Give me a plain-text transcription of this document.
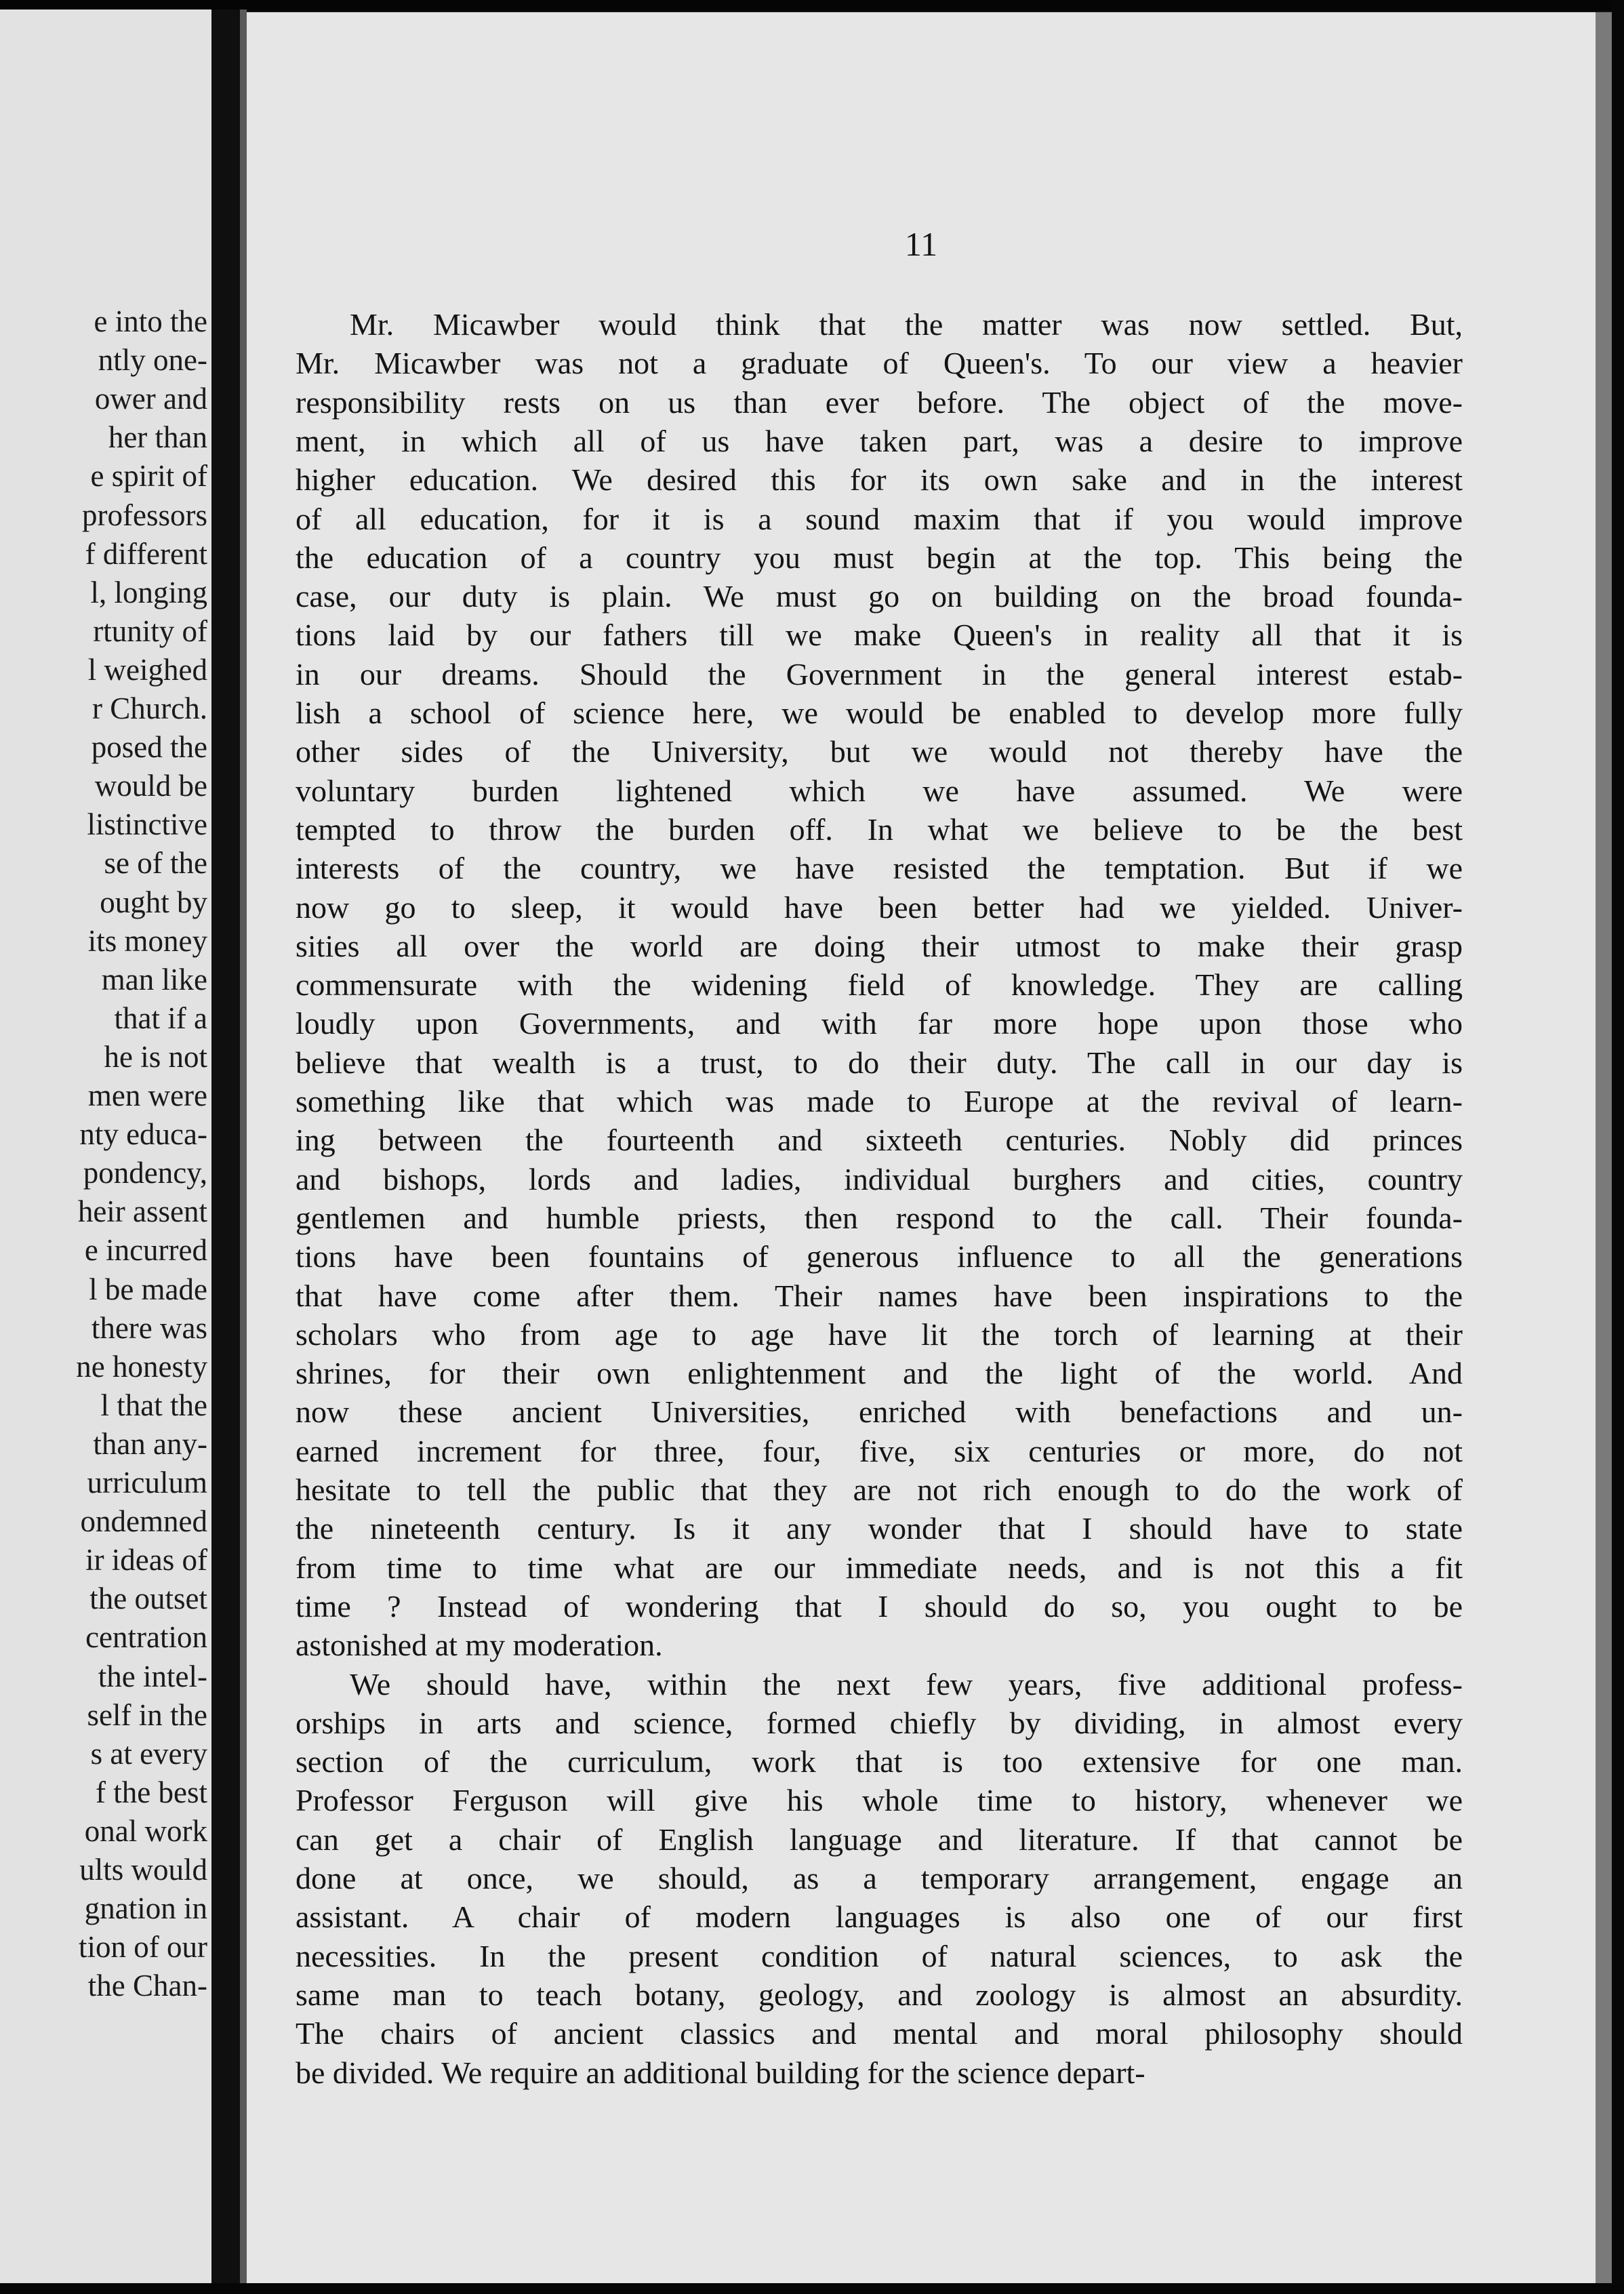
e into the

ntly one-

ower and

her than

e spirit of

professors

f different

l, longing

rtunity of

l weighed

r Church.

posed the

would be

listinctive

se of the

ought by

its money

man like

that if a

he is not

men were

nty educa-

pondency,

heir assent

e incurred

l be made

there was

ne honesty

l that the

than any-

urriculum

ondemned

ir ideas of

the outset

centration

the intel-

self in the

s at every

f the best

onal work

ults would

gnation in

tion of our

the Chan-

11

Mr. Micawber would think that the matter was now settled. But,

Mr. Micawber was not a graduate of Queen's. To our view a heavier

responsibility rests on us than ever before. The object of the move-

ment, in which all of us have taken part, was a desire to improve

higher education. We desired this for its own sake and in the interest

of all education, for it is a sound maxim that if you would improve

the education of a country you must begin at the top. This being the

case, our duty is plain. We must go on building on the broad founda-

tions laid by our fathers till we make Queen's in reality all that it is

in our dreams. Should the Government in the general interest estab-

lish a school of science here, we would be enabled to develop more fully

other sides of the University, but we would not thereby have the

voluntary burden lightened which we have assumed. We were

tempted to throw the burden off. In what we believe to be the best

interests of the country, we have resisted the temptation. But if we

now go to sleep, it would have been better had we yielded. Univer-

sities all over the world are doing their utmost to make their grasp

commensurate with the widening field of knowledge. They are calling

loudly upon Governments, and with far more hope upon those who

believe that wealth is a trust, to do their duty. The call in our day is

something like that which was made to Europe at the revival of learn-

ing between the fourteenth and sixteeth centuries. Nobly did princes

and bishops, lords and ladies, individual burghers and cities, country

gentlemen and humble priests, then respond to the call. Their founda-

tions have been fountains of generous influence to all the generations

that have come after them. Their names have been inspirations to the

scholars who from age to age have lit the torch of learning at their

shrines, for their own enlightenment and the light of the world. And

now these ancient Universities, enriched with benefactions and un-

earned increment for three, four, five, six centuries or more, do not

hesitate to tell the public that they are not rich enough to do the work of

the nineteenth century. Is it any wonder that I should have to state

from time to time what are our immediate needs, and is not this a fit

time ? Instead of wondering that I should do so, you ought to be

astonished at my moderation.

We should have, within the next few years, five additional profess-

orships in arts and science, formed chiefly by dividing, in almost every

section of the curriculum, work that is too extensive for one man.

Professor Ferguson will give his whole time to history, whenever we

can get a chair of English language and literature. If that cannot be

done at once, we should, as a temporary arrangement, engage an

assistant. A chair of modern languages is also one of our first

necessities. In the present condition of natural sciences, to ask the

same man to teach botany, geology, and zoology is almost an absurdity.

The chairs of ancient classics and mental and moral philosophy should

be divided. We require an additional building for the science depart-
